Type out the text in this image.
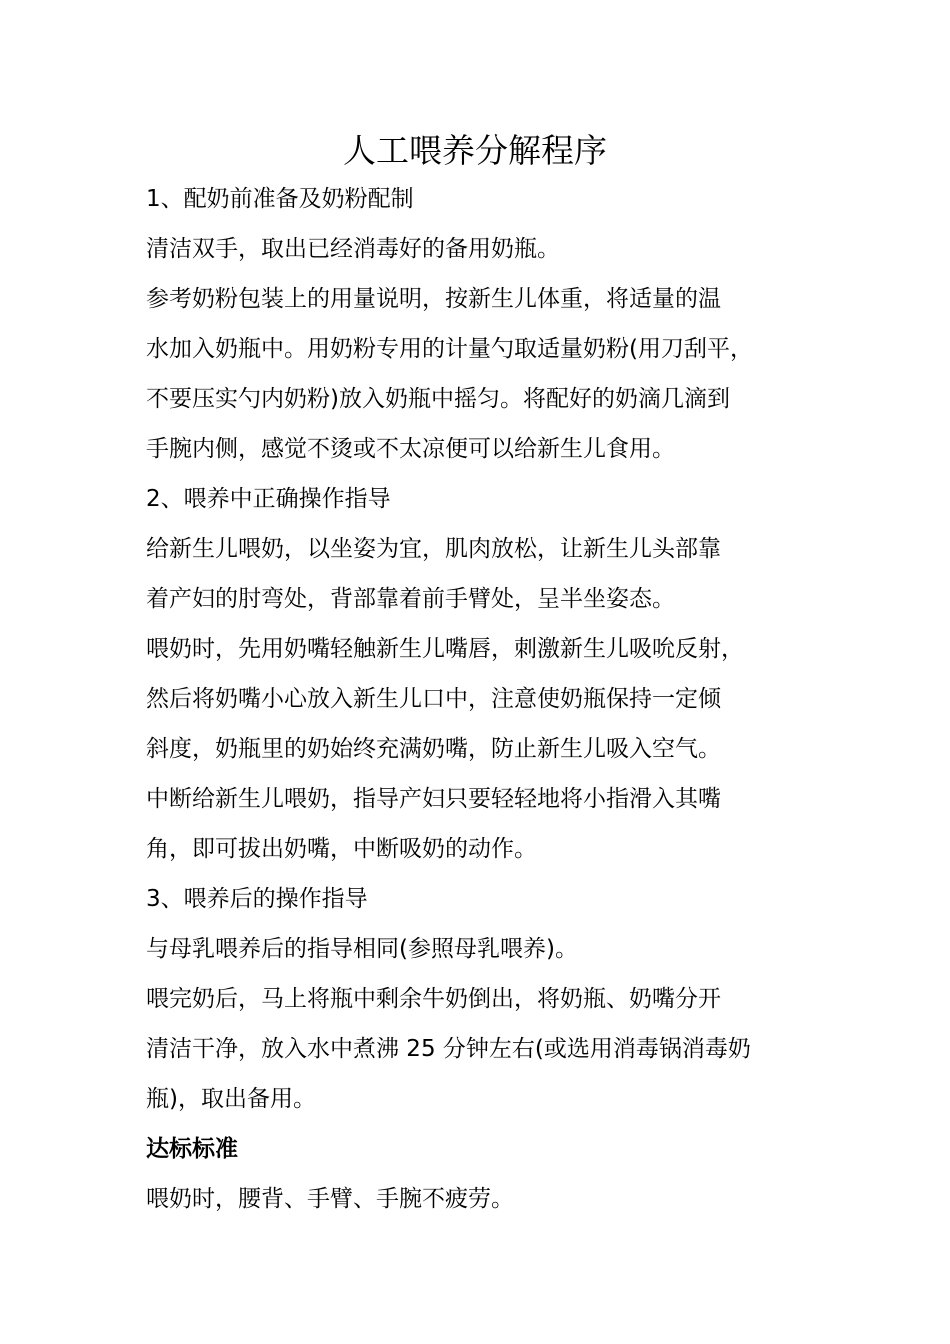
人工喂养分解程序

1、配奶前准备及奶粉配制

清洁双手，取出已经消毒好的备用奶瓶。

参考奶粉包装上的用量说明，按新生儿体重，将适量的温

水加入奶瓶中。用奶粉专用的计量勺取适量奶粉(用刀刮平，

不要压实勺内奶粉)放入奶瓶中摇匀。将配好的奶滴几滴到

手腕内侧，感觉不烫或不太凉便可以给新生儿食用。

2、喂养中正确操作指导

给新生儿喂奶，以坐姿为宜，肌肉放松，让新生儿头部靠

着产妇的肘弯处，背部靠着前手臂处，呈半坐姿态。

喂奶时，先用奶嘴轻触新生儿嘴唇，刺激新生儿吸吮反射，

然后将奶嘴小心放入新生儿口中，注意使奶瓶保持一定倾

斜度，奶瓶里的奶始终充满奶嘴，防止新生儿吸入空气。

中断给新生儿喂奶，指导产妇只要轻轻地将小指滑入其嘴

角，即可拔出奶嘴，中断吸奶的动作。

3、喂养后的操作指导

与母乳喂养后的指导相同(参照母乳喂养)。

喂完奶后，马上将瓶中剩余牛奶倒出，将奶瓶、奶嘴分开

清洁干净，放入水中煮沸 25 分钟左右(或选用消毒锅消毒奶

瓶)，取出备用。

达标标准

喂奶时，腰背、手臂、手腕不疲劳。
